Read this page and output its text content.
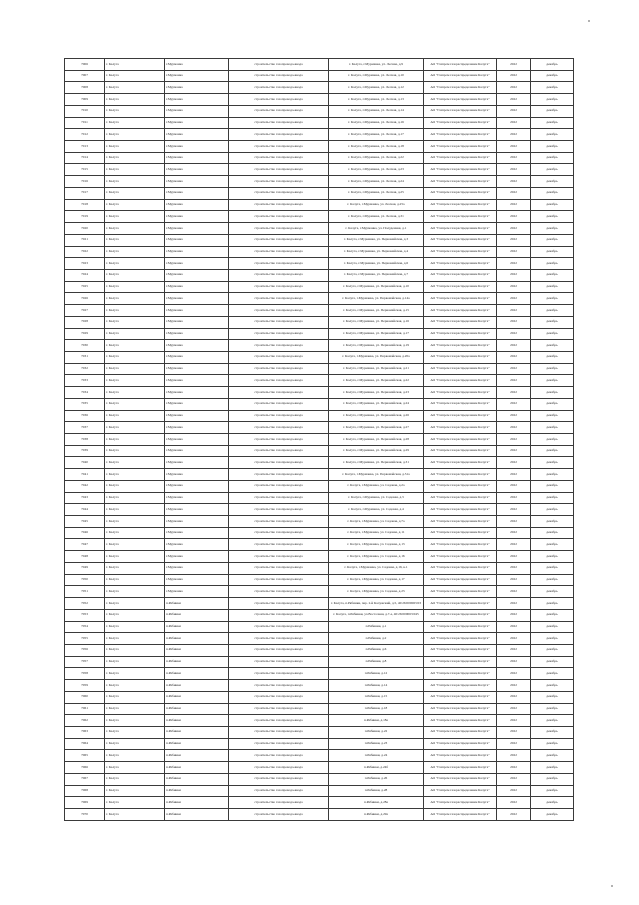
7006	г. Калуга	г.Мурманка	строительство газопровода-ввода	г. Калуга, г.Мурманка, ул. Лесная, д.9	АО "Газпром газораспределение Калуга"	2022	декабрь
7007	г. Калуга	г.Мурманка	строительство газопровода-ввода	г. Калуга, г.Мурманка, ул. Лесная, д.10	АО "Газпром газораспределение Калуга"	2022	декабрь
7008	г. Калуга	г.Мурманка	строительство газопровода-ввода	г. Калуга, г.Мурманка, ул. Лесная, д.12	АО "Газпром газораспределение Калуга"	2022	декабрь
7009	г. Калуга	г.Мурманка	строительство газопровода-ввода	г. Калуга, г.Мурманка, ул. Лесная, д.13	АО "Газпром газораспределение Калуга"	2022	декабрь
7010	г. Калуга	г.Мурманка	строительство газопровода-ввода	г. Калуга, г.Мурманка, ул. Лесная, д.14	АО "Газпром газораспределение Калуга"	2022	декабрь
7011	г. Калуга	г.Мурманка	строительство газопровода-ввода	г. Калуга, г.Мурманка, ул. Лесная, д.16	АО "Газпром газораспределение Калуга"	2022	декабрь
7012	г. Калуга	г.Мурманка	строительство газопровода-ввода	г. Калуга, г.Мурманка, ул. Лесная, д.17	АО "Газпром газораспределение Калуга"	2022	декабрь
7013	г. Калуга	г.Мурманка	строительство газопровода-ввода	г. Калуга, г.Мурманка, ул. Лесная, д.18	АО "Газпром газораспределение Калуга"	2022	декабрь
7014	г. Калуга	г.Мурманка	строительство газопровода-ввода	г. Калуга, г.Мурманка, ул. Лесная, д.22	АО "Газпром газораспределение Калуга"	2022	декабрь
7015	г. Калуга	г.Мурманка	строительство газопровода-ввода	г. Калуга, г.Мурманка, ул. Лесная, д.23	АО "Газпром газораспределение Калуга"	2022	декабрь
7016	г. Калуга	г.Мурманка	строительство газопровода-ввода	г. Калуга, г.Мурманка, ул. Лесная, д.24	АО "Газпром газораспределение Калуга"	2022	декабрь
7017	г. Калуга	г.Мурманка	строительство газопровода-ввода	г. Калуга, г.Мурманка, ул. Лесная, д.25	АО "Газпром газораспределение Калуга"	2022	декабрь
7018	г. Калуга	г.Мурманка	строительство газопровода-ввода	г. Калуга, г.Мурманка, ул. Лесная, д.25а	АО "Газпром газораспределение Калуга"	2022	декабрь
7019	г. Калуга	г.Мурманка	строительство газопровода-ввода	г. Калуга, г.Мурманка, ул. Лесная, д.31	АО "Газпром газораспределение Калуга"	2022	декабрь
7020	г. Калуга	г.Мурманка	строительство газопровода-ввода	г. Калуга, г.Мурманка, ул. Полуденная, д.1	АО "Газпром газораспределение Калуга"	2022	декабрь
7021	г. Калуга	г.Мурманка	строительство газопровода-ввода	г. Калуга, г.Мурманка, ул. Первомайская, д.3	АО "Газпром газораспределение Калуга"	2022	декабрь
7022	г. Калуга	г.Мурманка	строительство газопровода-ввода	г. Калуга, г.Мурманка, ул. Первомайская, д.4	АО "Газпром газораспределение Калуга"	2022	декабрь
7023	г. Калуга	г.Мурманка	строительство газопровода-ввода	г. Калуга, г.Мурманка, ул. Первомайская, д.6	АО "Газпром газораспределение Калуга"	2022	декабрь
7024	г. Калуга	г.Мурманка	строительство газопровода-ввода	г. Калуга, г.Мурманка, ул. Первомайская, д.7	АО "Газпром газораспределение Калуга"	2022	декабрь
7025	г. Калуга	г.Мурманка	строительство газопровода-ввода	г. Калуга, г.Мурманка, ул. Первомайская, д.10	АО "Газпром газораспределение Калуга"	2022	декабрь
7026	г. Калуга	г.Мурманка	строительство газопровода-ввода	г. Калуга, г.Мурманка, ул. Первомайская, д.14а	АО "Газпром газораспределение Калуга"	2022	декабрь
7027	г. Калуга	г.Мурманка	строительство газопровода-ввода	г. Калуга, г.Мурманка, ул. Первомайская, д.15	АО "Газпром газораспределение Калуга"	2022	декабрь
7028	г. Калуга	г.Мурманка	строительство газопровода-ввода	г. Калуга, г.Мурманка, ул. Первомайская, д.16	АО "Газпром газораспределение Калуга"	2022	декабрь
7029	г. Калуга	г.Мурманка	строительство газопровода-ввода	г. Калуга, г.Мурманка, ул. Первомайская, д.17	АО "Газпром газораспределение Калуга"	2022	декабрь
7030	г. Калуга	г.Мурманка	строительство газопровода-ввода	г. Калуга, г.Мурманка, ул. Первомайская, д.19	АО "Газпром газораспределение Калуга"	2022	декабрь
7031	г. Калуга	г.Мурманка	строительство газопровода-ввода	г. Калуга, г.Мурманка, ул. Первомайская, д.20а	АО "Газпром газораспределение Калуга"	2022	декабрь
7032	г. Калуга	г.Мурманка	строительство газопровода-ввода	г. Калуга, г.Мурманка, ул. Первомайская, д.21	АО "Газпром газораспределение Калуга"	2022	декабрь
7033	г. Калуга	г.Мурманка	строительство газопровода-ввода	г. Калуга, г.Мурманка, ул. Первомайская, д.22	АО "Газпром газораспределение Калуга"	2022	декабрь
7034	г. Калуга	г.Мурманка	строительство газопровода-ввода	г. Калуга, г.Мурманка, ул. Первомайская, д.23	АО "Газпром газораспределение Калуга"	2022	декабрь
7035	г. Калуга	г.Мурманка	строительство газопровода-ввода	г. Калуга, г.Мурманка, ул. Первомайская, д.24	АО "Газпром газораспределение Калуга"	2022	декабрь
7036	г. Калуга	г.Мурманка	строительство газопровода-ввода	г. Калуга, г.Мурманка, ул. Первомайская, д.26	АО "Газпром газораспределение Калуга"	2022	декабрь
7037	г. Калуга	г.Мурманка	строительство газопровода-ввода	г. Калуга, г.Мурманка, ул. Первомайская, д.27	АО "Газпром газораспределение Калуга"	2022	декабрь
7038	г. Калуга	г.Мурманка	строительство газопровода-ввода	г. Калуга, г.Мурманка, ул. Первомайская, д.28	АО "Газпром газораспределение Калуга"	2022	декабрь
7039	г. Калуга	г.Мурманка	строительство газопровода-ввода	г. Калуга, г.Мурманка, ул. Первомайская, д.29	АО "Газпром газораспределение Калуга"	2022	декабрь
7040	г. Калуга	г.Мурманка	строительство газопровода-ввода	г. Калуга, г.Мурманка, ул. Первомайская, д.31	АО "Газпром газораспределение Калуга"	2022	декабрь
7041	г. Калуга	г.Мурманка	строительство газопровода-ввода	г. Калуга, г.Мурманка, ул. Первомайская, д.31а	АО "Газпром газораспределение Калуга"	2022	декабрь
7042	г. Калуга	г.Мурманка	строительство газопровода-ввода	г. Калуга, г.Мурманка, ул. Садовая, д.2а	АО "Газпром газораспределение Калуга"	2022	декабрь
7043	г. Калуга	г.Мурманка	строительство газопровода-ввода	г. Калуга, г.Мурманка, ул. Садовая, д.3	АО "Газпром газораспределение Калуга"	2022	декабрь
7044	г. Калуга	г.Мурманка	строительство газопровода-ввода	г. Калуга, г.Мурманка, ул. Садовая, д.4	АО "Газпром газораспределение Калуга"	2022	декабрь
7045	г. Калуга	г.Мурманка	строительство газопровода-ввода	г. Калуга, г.Мурманка, ул. Садовая, д.7а	АО "Газпром газораспределение Калуга"	2022	декабрь
7046	г. Калуга	г.Мурманка	строительство газопровода-ввода	г. Калуга, г.Мурманка, ул. Садовая, д.11	АО "Газпром газораспределение Калуга"	2022	декабрь
7047	г. Калуга	г.Мурманка	строительство газопровода-ввода	г. Калуга, г.Мурманка, ул. Садовая, д.13	АО "Газпром газораспределение Калуга"	2022	декабрь
7048	г. Калуга	г.Мурманка	строительство газопровода-ввода	г. Калуга, г.Мурманка, ул. Садовая, д.16	АО "Газпром газораспределение Калуга"	2022	декабрь
7049	г. Калуга	г.Мурманка	строительство газопровода-ввода	г. Калуга, г.Мурманка, ул. Садовая, д.16, к.1	АО "Газпром газораспределение Калуга"	2022	декабрь
7050	г. Калуга	г.Мурманка	строительство газопровода-ввода	г. Калуга, г.Мурманка, ул. Садовая, д.17	АО "Газпром газораспределение Калуга"	2022	декабрь
7051	г. Калуга	г.Мурманка	строительство газопровода-ввода	г. Калуга, г.Мурманка, ул. Садовая, д.23	АО "Газпром газораспределение Калуга"	2022	декабрь
7052	г. Калуга	п.Рябинки	строительство газопровода-ввода	г. Калуга, п.Рябинки, пер. 2-й Калужский, д.5, 40:26:000063:03	АО "Газпром газораспределение Калуга"	2022	декабрь
7053	г. Калуга	п.Рябинки	строительство газопровода-ввода	г. Калуга, п.Рябинки, ул.Восточная, д.7-а, 40:26:000063:045	АО "Газпром газораспределение Калуга"	2022	декабрь
7054	г. Калуга	п.Рябинки	строительство газопровода-ввода	п.Рябинки, д.1	АО "Газпром газораспределение Калуга"	2022	декабрь
7055	г. Калуга	п.Рябинки	строительство газопровода-ввода	п.Рябинки, д.2	АО "Газпром газораспределение Калуга"	2022	декабрь
7056	г. Калуга	п.Рябинки	строительство газопровода-ввода	п.Рябинки, д.6	АО "Газпром газораспределение Калуга"	2022	декабрь
7057	г. Калуга	п.Рябинки	строительство газопровода-ввода	п.Рябинки, д.8	АО "Газпром газораспределение Калуга"	2022	декабрь
7058	г. Калуга	п.Рябинки	строительство газопровода-ввода	п.Рябинки, д.12	АО "Газпром газораспределение Калуга"	2022	декабрь
7059	г. Калуга	п.Рябинки	строительство газопровода-ввода	п.Рябинки, д.14	АО "Газпром газораспределение Калуга"	2022	декабрь
7060	г. Калуга	п.Рябинки	строительство газопровода-ввода	п.Рябинки, д.15	АО "Газпром газораспределение Калуга"	2022	декабрь
7061	г. Калуга	п.Рябинки	строительство газопровода-ввода	п.Рябинки, д.18	АО "Газпром газораспределение Калуга"	2022	декабрь
7062	г. Калуга	п.Рябинки	строительство газопровода-ввода	п.Рябинки, д.18а	АО "Газпром газораспределение Калуга"	2022	декабрь
7063	г. Калуга	п.Рябинки	строительство газопровода-ввода	п.Рябинки, д.22	АО "Газпром газораспределение Калуга"	2022	декабрь
7064	г. Калуга	п.Рябинки	строительство газопровода-ввода	п.Рябинки, д.23	АО "Газпром газораспределение Калуга"	2022	декабрь
7065	г. Калуга	п.Рябинки	строительство газопровода-ввода	п.Рябинки, д.24	АО "Газпром газораспределение Калуга"	2022	декабрь
7066	г. Калуга	п.Рябинки	строительство газопровода-ввода	п.Рябинки, д.24б	АО "Газпром газораспределение Калуга"	2022	декабрь
7067	г. Калуга	п.Рябинки	строительство газопровода-ввода	п.Рябинки, д.26	АО "Газпром газораспределение Калуга"	2022	декабрь
7068	г. Калуга	п.Рябинки	строительство газопровода-ввода	п.Рябинки, д.28	АО "Газпром газораспределение Калуга"	2022	декабрь
7069	г. Калуга	п.Рябинки	строительство газопровода-ввода	п.Рябинки, д.28а	АО "Газпром газораспределение Калуга"	2022	декабрь
7070	г. Калуга	п.Рябинки	строительство газопровода-ввода	п.Рябинки, д.29а	АО "Газпром газораспределение Калуга"	2022	декабрь
